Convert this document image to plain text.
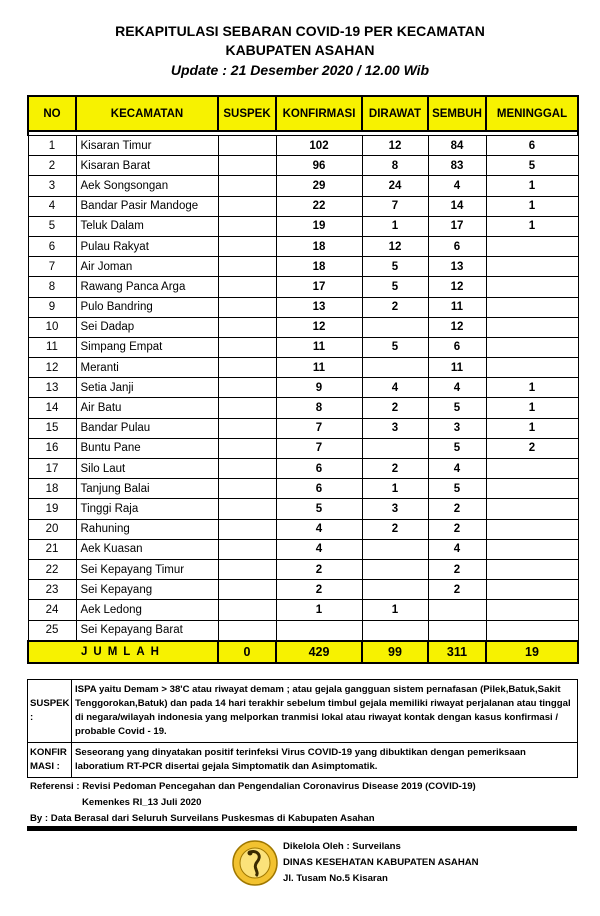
REKAPITULASI SEBARAN COVID-19 PER KECAMATAN
KABUPATEN ASAHAN
Update : 21 Desember 2020 / 12.00 Wib
NO	KECAMATAN	SUSPEK	KONFIRMASI	DIRAWAT	SEMBUH	MENINGGAL

1	Kisaran Timur		102	12	84	6
2	Kisaran Barat		96	8	83	5
3	Aek Songsongan		29	24	4	1
4	Bandar Pasir Mandoge		22	7	14	1
5	Teluk Dalam		19	1	17	1
6	Pulau Rakyat		18	12	6	
7	Air Joman		18	5	13	
8	Rawang Panca Arga		17	5	12	
9	Pulo Bandring		13	2	11	
10	Sei Dadap		12		12	
11	Simpang Empat		11	5	6	
12	Meranti		11		11	
13	Setia Janji		9	4	4	1
14	Air Batu		8	2	5	1
15	Bandar Pulau		7	3	3	1
16	Buntu Pane		7		5	2
17	Silo Laut		6	2	4	
18	Tanjung Balai		6	1	5	
19	Tinggi Raja		5	3	2	
20	Rahuning		4	2	2	
21	Aek Kuasan		4		4	
22	Sei Kepayang Timur		2		2	
23	Sei Kepayang		2		2	
24	Aek Ledong		1	1		
25	Sei Kepayang Barat					
JUMLAH		0	429	99	311	19
SUSPEK :	ISPA yaitu Demam > 38'C atau riwayat demam ; atau gejala gangguan sistem pernafasan (Pilek,Batuk,Sakit Tenggorokan,Batuk) dan pada 14 hari terakhir sebelum timbul gejala memiliki riwayat perjalanan atau tinggal di negara/wilayah indonesia yang melporkan tranmisi lokal atau riwayat kontak dengan kasus konfirmasi / probable Covid - 19.
KONFIR MASI :	Seseorang yang dinyatakan positif terinfeksi Virus COVID-19 yang dibuktikan dengan pemeriksaan laboratium RT-PCR disertai gejala Simptomatik dan Asimptomatik.
Referensi : Revisi Pedoman Pencegahan dan Pengendalian Coronavirus Disease 2019 (COVID-19)
Kemenkes RI_13 Juli 2020
By : Data Berasal dari Seluruh Surveilans Puskesmas di Kabupaten Asahan
Dikelola Oleh : Surveilans
DINAS KESEHATAN KABUPATEN ASAHAN
Jl. Tusam No.5 Kisaran
